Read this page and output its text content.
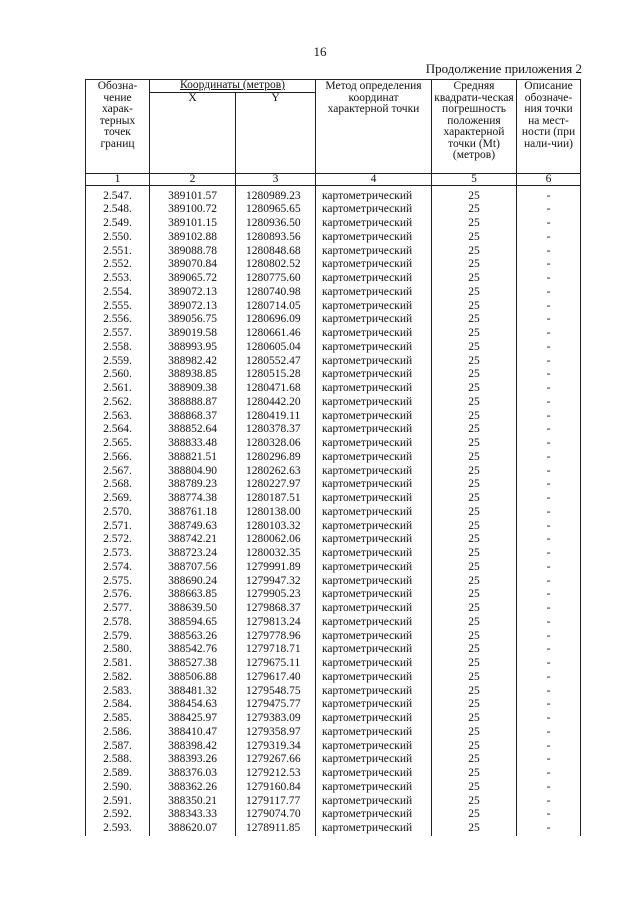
16
Продолжение приложения 2
Обозна-чение харак-терных точек границ	Координаты (метров)		Метод определения координат характерной точки	Средняя квадрати-ческая погрешность положения характерной точки (Mt) (метров)	Описание обозначе-ния точки на мест-ности (при нали-чии)
	X	Y			
1	2	3	4	5	6
2.547.	389101.57	1280989.23	картометрический	25	-
2.548.	389100.72	1280965.65	картометрический	25	-
2.549.	389101.15	1280936.50	картометрический	25	-
2.550.	389102.88	1280893.56	картометрический	25	-
2.551.	389088.78	1280848.68	картометрический	25	-
2.552.	389070.84	1280802.52	картометрический	25	-
2.553.	389065.72	1280775.60	картометрический	25	-
2.554.	389072.13	1280740.98	картометрический	25	-
2.555.	389072.13	1280714.05	картометрический	25	-
2.556.	389056.75	1280696.09	картометрический	25	-
2.557.	389019.58	1280661.46	картометрический	25	-
2.558.	388993.95	1280605.04	картометрический	25	-
2.559.	388982.42	1280552.47	картометрический	25	-
2.560.	388938.85	1280515.28	картометрический	25	-
2.561.	388909.38	1280471.68	картометрический	25	-
2.562.	388888.87	1280442.20	картометрический	25	-
2.563.	388868.37	1280419.11	картометрический	25	-
2.564.	388852.64	1280378.37	картометрический	25	-
2.565.	388833.48	1280328.06	картометрический	25	-
2.566.	388821.51	1280296.89	картометрический	25	-
2.567.	388804.90	1280262.63	картометрический	25	-
2.568.	388789.23	1280227.97	картометрический	25	-
2.569.	388774.38	1280187.51	картометрический	25	-
2.570.	388761.18	1280138.00	картометрический	25	-
2.571.	388749.63	1280103.32	картометрический	25	-
2.572.	388742.21	1280062.06	картометрический	25	-
2.573.	388723.24	1280032.35	картометрический	25	-
2.574.	388707.56	1279991.89	картометрический	25	-
2.575.	388690.24	1279947.32	картометрический	25	-
2.576.	388663.85	1279905.23	картометрический	25	-
2.577.	388639.50	1279868.37	картометрический	25	-
2.578.	388594.65	1279813.24	картометрический	25	-
2.579.	388563.26	1279778.96	картометрический	25	-
2.580.	388542.76	1279718.71	картометрический	25	-
2.581.	388527.38	1279675.11	картометрический	25	-
2.582.	388506.88	1279617.40	картометрический	25	-
2.583.	388481.32	1279548.75	картометрический	25	-
2.584.	388454.63	1279475.77	картометрический	25	-
2.585.	388425.97	1279383.09	картометрический	25	-
2.586.	388410.47	1279358.97	картометрический	25	-
2.587.	388398.42	1279319.34	картометрический	25	-
2.588.	388393.26	1279267.66	картометрический	25	-
2.589.	388376.03	1279212.53	картометрический	25	-
2.590.	388362.26	1279160.84	картометрический	25	-
2.591.	388350.21	1279117.77	картометрический	25	-
2.592.	388343.33	1279074.70	картометрический	25	-
2.593.	388620.07	1278911.85	картометрический	25	-
